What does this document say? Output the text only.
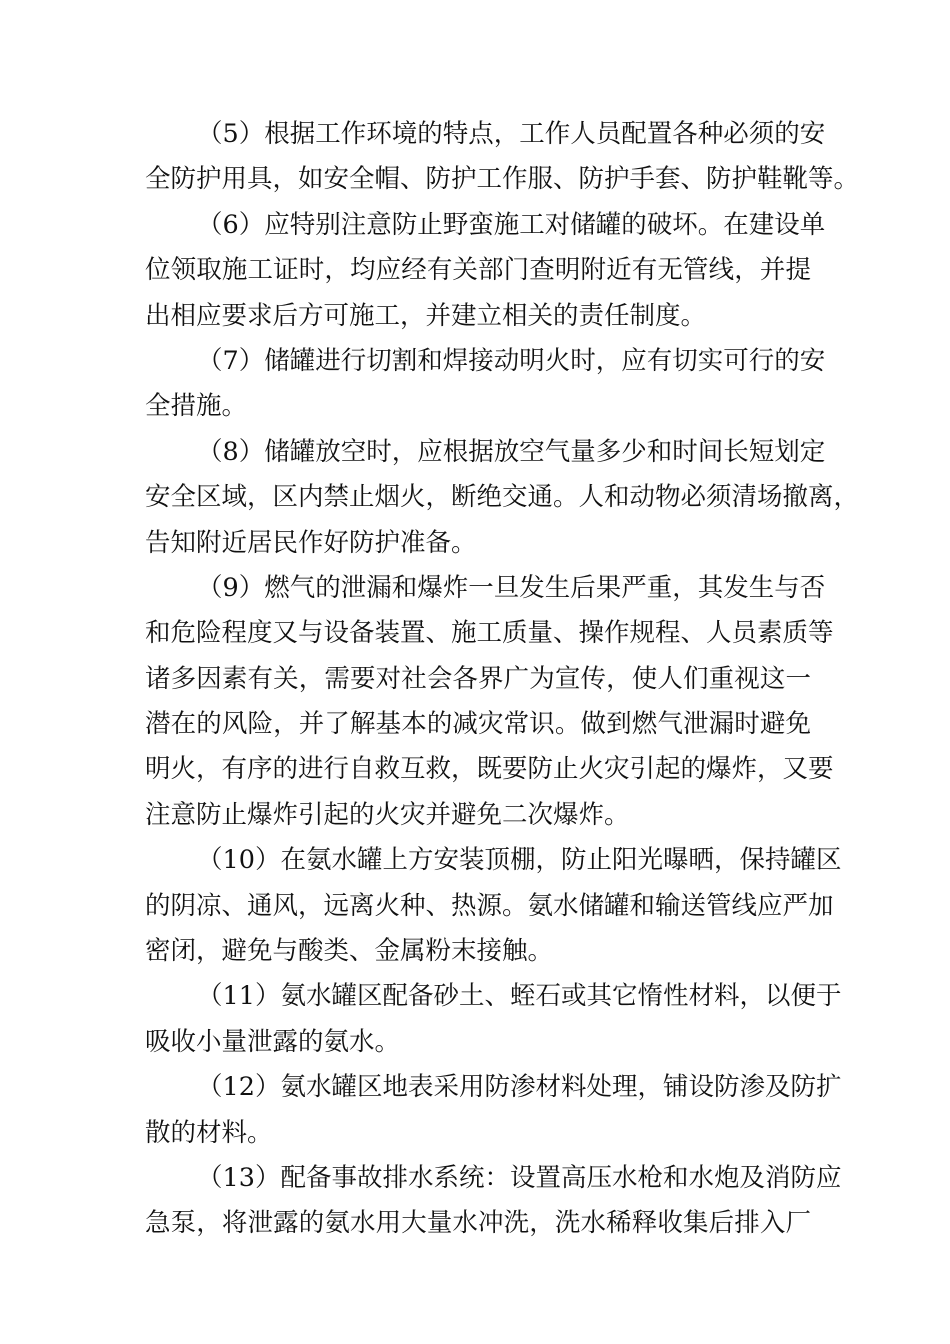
（5）根据工作环境的特点，工作人员配置各种必须的安
全防护用具，如安全帽、防护工作服、防护手套、防护鞋靴等。
（6）应特别注意防止野蛮施工对储罐的破坏。在建设单
位领取施工证时，均应经有关部门查明附近有无管线，并提
出相应要求后方可施工，并建立相关的责任制度。
（7）储罐进行切割和焊接动明火时，应有切实可行的安
全措施。
（8）储罐放空时，应根据放空气量多少和时间长短划定
安全区域，区内禁止烟火，断绝交通。人和动物必须清场撤离，
告知附近居民作好防护准备。
（9）燃气的泄漏和爆炸一旦发生后果严重，其发生与否
和危险程度又与设备装置、施工质量、操作规程、人员素质等
诸多因素有关，需要对社会各界广为宣传，使人们重视这一
潜在的风险，并了解基本的减灾常识。做到燃气泄漏时避免
明火，有序的进行自救互救，既要防止火灾引起的爆炸，又要
注意防止爆炸引起的火灾并避免二次爆炸。
（10）在氨水罐上方安装顶棚，防止阳光曝晒，保持罐区
的阴凉、通风，远离火种、热源。氨水储罐和输送管线应严加
密闭，避免与酸类、金属粉末接触。
（11）氨水罐区配备砂土、蛭石或其它惰性材料，以便于
吸收小量泄露的氨水。
（12）氨水罐区地表采用防渗材料处理，铺设防渗及防扩
散的材料。
（13）配备事故排水系统：设置高压水枪和水炮及消防应
急泵，将泄露的氨水用大量水冲洗，洗水稀释收集后排入厂
